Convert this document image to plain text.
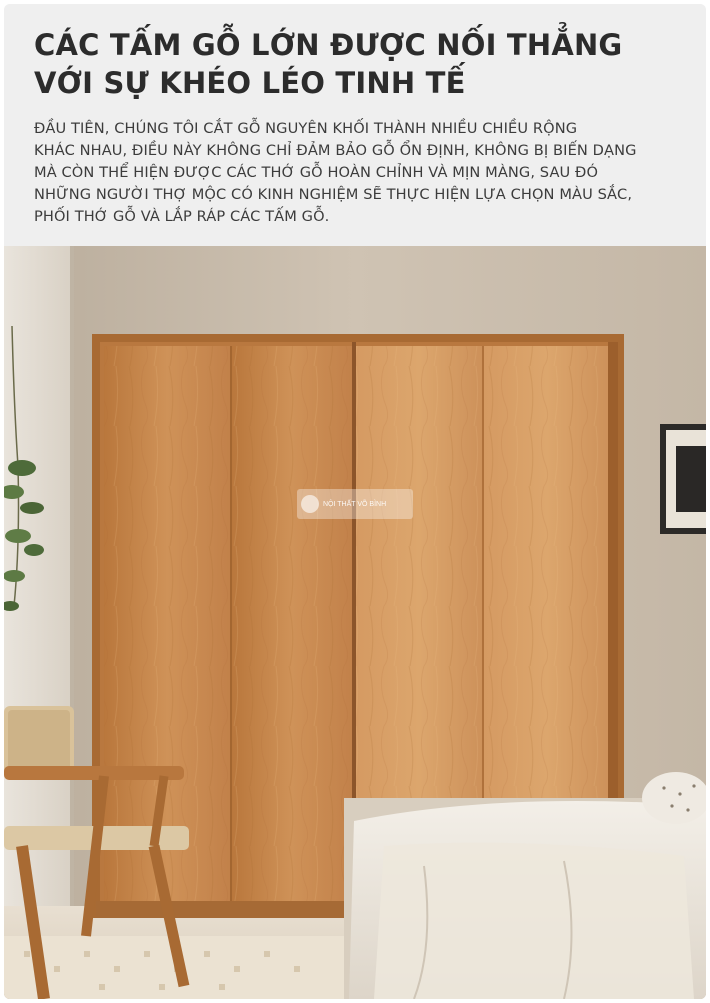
CÁC TẤM GỖ LỚN ĐƯỢC NỐI THẲNG
VỚI SỰ KHÉO LÉO TINH TẾ
ĐẦU TIÊN, CHÚNG TÔI CẮT GỖ NGUYÊN KHỐI THÀNH NHIỀU CHIỀU RỘNG
KHÁC NHAU, ĐIỀU NÀY KHÔNG CHỈ ĐẢM BẢO GỖ ỔN ĐỊNH, KHÔNG BỊ BIẾN DẠNG
MÀ CÒN THỂ HIỆN ĐƯỢC CÁC THỚ GỖ HOÀN CHỈNH VÀ MỊN MÀNG, SAU ĐÓ
NHỮNG NGƯỜI THỢ MỘC CÓ KINH NGHIỆM SẼ THỰC HIỆN LỰA CHỌN MÀU SẮC,
PHỐI THỚ GỖ VÀ LẮP RÁP CÁC TẤM GỖ.
NỘI THẤT VÕ BÌNH
